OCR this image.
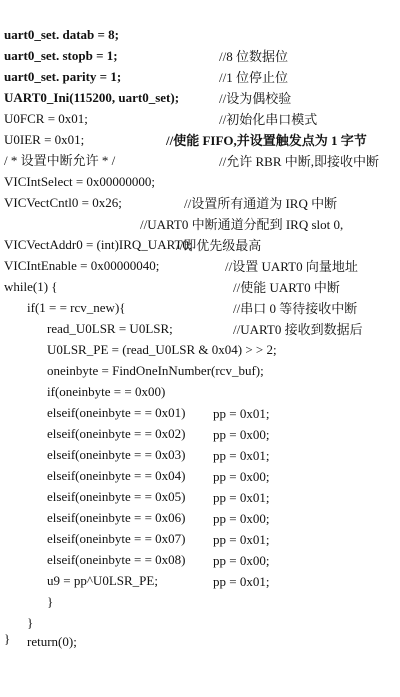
uart0_set. datab = 8;

//8 位数据位

uart0_set. stopb = 1;

//1 位停止位

uart0_set. parity = 1;

//设为偶校验

UART0_Ini(115200, uart0_set);

//初始化串口模式

U0FCR = 0x01;

//使能 FIFO,并设置触发点为 1 字节

U0IER = 0x01;

//允许 RBR 中断,即接收中断

/ * 设置中断允许 * /

VICIntSelect = 0x00000000;

//设置所有通道为 IRQ 中断

VICVectCntl0 = 0x26;

//UART0 中断通道分配到 IRQ slot 0,

//即优先级最高

VICVectAddr0 = (int)IRQ_UART0;

//设置 UART0 向量地址

VICIntEnable = 0x00000040;

//使能 UART0 中断

while(1) {

//串口 0 等待接收中断

if(1 = = rcv_new){

//UART0 接收到数据后

read_U0LSR = U0LSR;

U0LSR_PE = (read_U0LSR & 0x04) > > 2;

oneinbyte = FindOneInNumber(rcv_buf);

if(oneinbyte = = 0x00)

pp = 0x01;

elseif(oneinbyte = = 0x01)

pp = 0x00;

elseif(oneinbyte = = 0x02)

pp = 0x01;

elseif(oneinbyte = = 0x03)

pp = 0x00;

elseif(oneinbyte = = 0x04)

pp = 0x01;

elseif(oneinbyte = = 0x05)

pp = 0x00;

elseif(oneinbyte = = 0x06)

pp = 0x01;

elseif(oneinbyte = = 0x07)

pp = 0x00;

elseif(oneinbyte = = 0x08)

pp = 0x01;

u9 = pp^U0LSR_PE;

}

}

return(0);

}
